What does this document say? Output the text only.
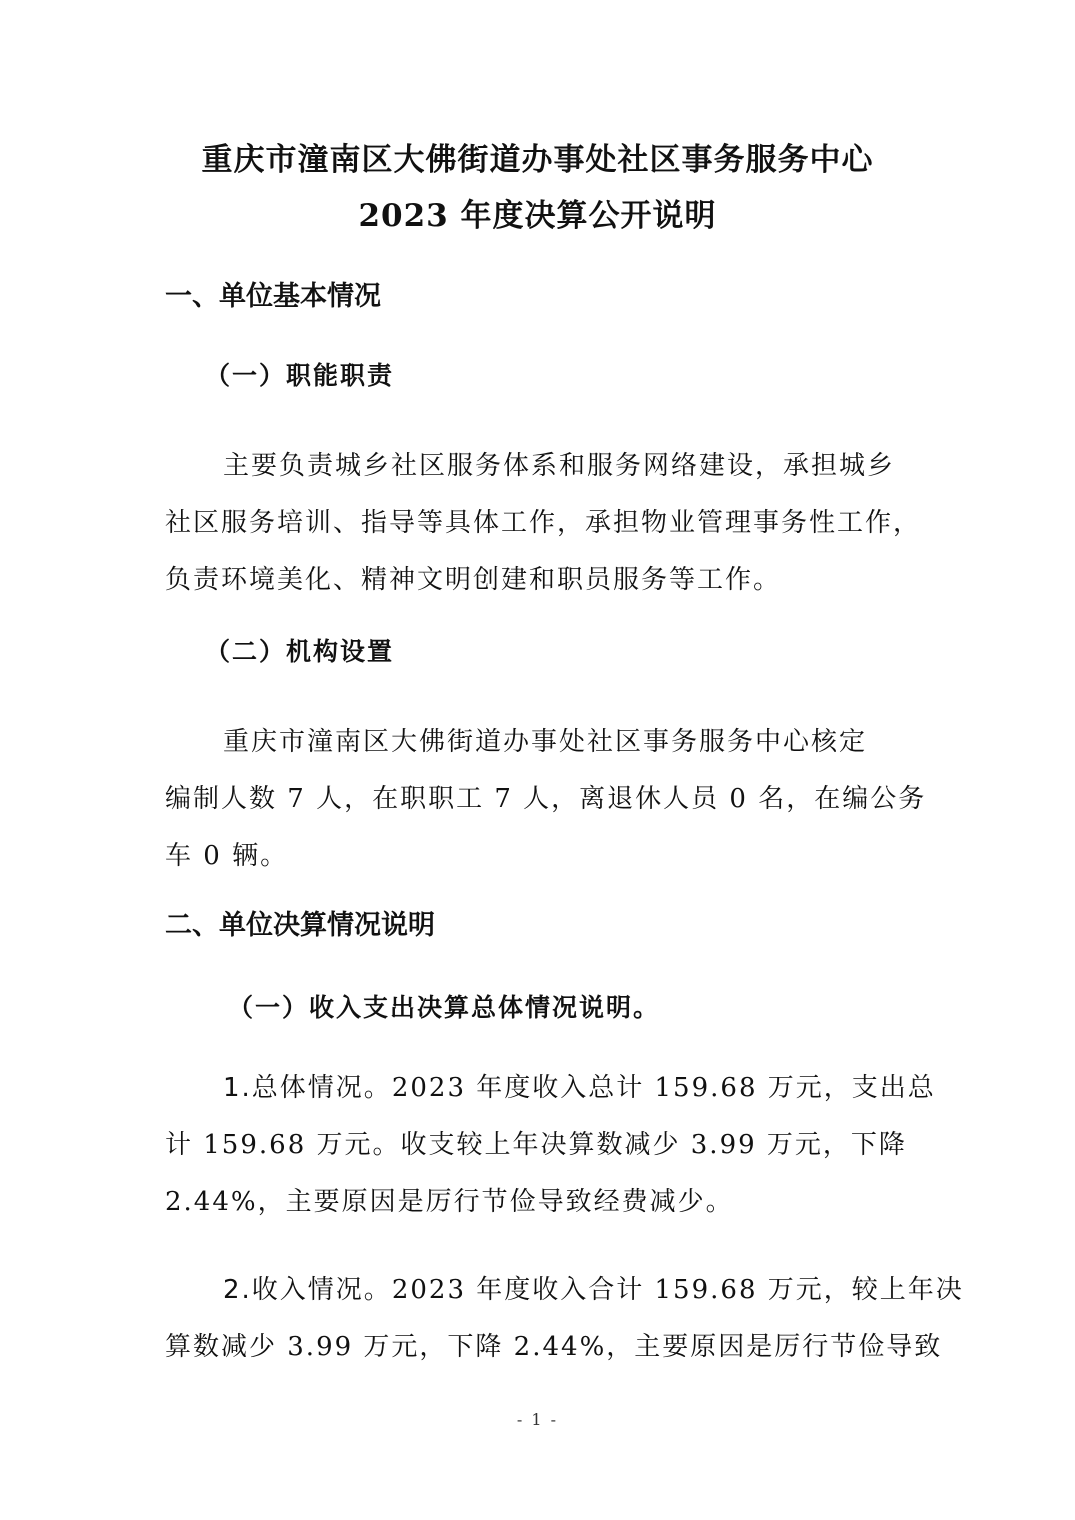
重庆市潼南区大佛街道办事处社区事务服务中心
2023 年度决算公开说明
一、单位基本情况
（一）职能职责
主要负责城乡社区服务体系和服务网络建设，承担城乡
社区服务培训、指导等具体工作，承担物业管理事务性工作，
负责环境美化、精神文明创建和职员服务等工作。
（二）机构设置
重庆市潼南区大佛街道办事处社区事务服务中心核定
编制人数 7 人，在职职工 7 人，离退休人员 0 名，在编公务
车 0 辆。
二、单位决算情况说明
（一）收入支出决算总体情况说明。
1.总体情况。2023 年度收入总计 159.68 万元，支出总
计 159.68 万元。收支较上年决算数减少 3.99 万元，下降
2.44%，主要原因是厉行节俭导致经费减少。
2.收入情况。2023 年度收入合计 159.68 万元，较上年决
算数减少 3.99 万元，下降 2.44%，主要原因是厉行节俭导致
- 1 -
